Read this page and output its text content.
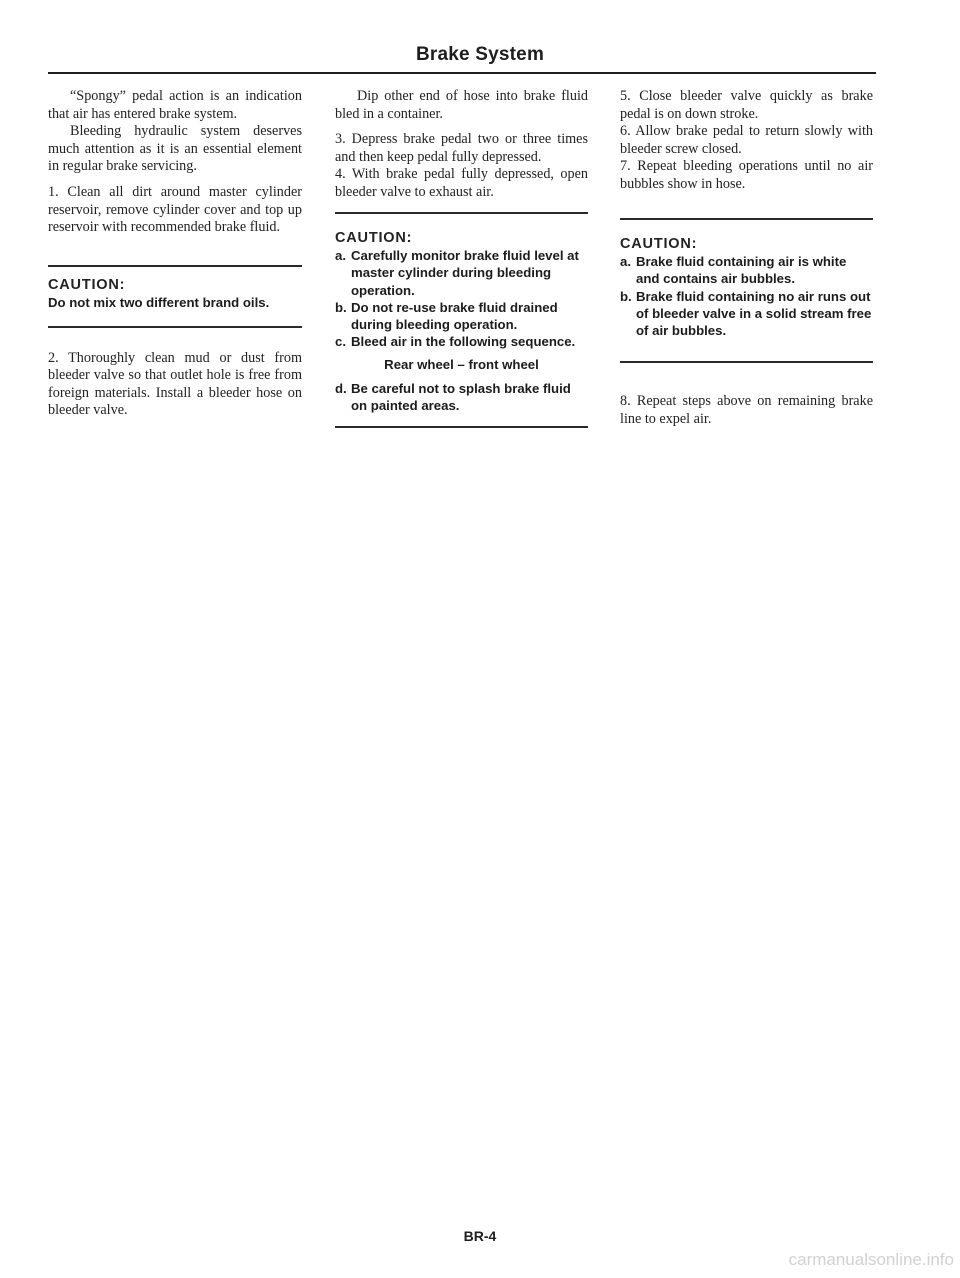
Brake System

“Spongy” pedal action is an indication that air has entered brake system.

Bleeding hydraulic system deserves much attention as it is an essential element in regular brake servicing.

1. Clean all dirt around master cylinder reservoir, remove cylinder cover and top up reservoir with recommended brake fluid.

CAUTION:

Do not mix two different brand oils.

2. Thoroughly clean mud or dust from bleeder valve so that outlet hole is free from foreign materials. Install a bleeder hose on bleeder valve.

Dip other end of hose into brake fluid bled in a container.

3. Depress brake pedal two or three times and then keep pedal fully depressed.

4. With brake pedal fully depressed, open bleeder valve to exhaust air.

CAUTION:

a. Carefully monitor brake fluid level at master cylinder during bleeding operation.
b. Do not re-use brake fluid drained during bleeding operation.
c. Bleed air in the following sequence.
Rear wheel – front wheel
d. Be careful not to splash brake fluid on painted areas.

5. Close bleeder valve quickly as brake pedal is on down stroke.

6. Allow brake pedal to return slowly with bleeder screw closed.

7. Repeat bleeding operations until no air bubbles show in hose.

CAUTION:

a. Brake fluid containing air is white and contains air bubbles.
b. Brake fluid containing no air runs out of bleeder valve in a solid stream free of air bubbles.

8. Repeat steps above on remaining brake line to expel air.

BR-4
carmanualsonline.info
